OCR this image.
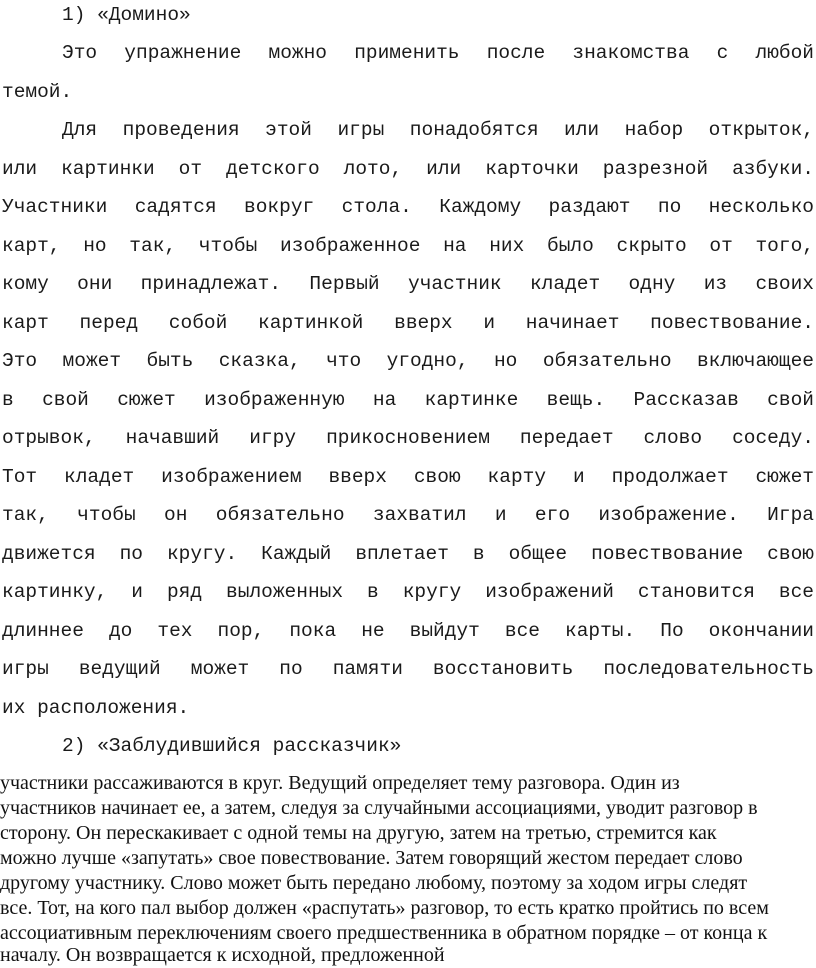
1) «Домино»
Это упражнение можно применить после знакомства с любой
темой.
Для проведения этой игры понадобятся или набор открыток,
или картинки от детского лото, или карточки разрезной азбуки.
Участники садятся вокруг стола. Каждому раздают по несколько
карт, но так, чтобы изображенное на них было скрыто от того,
кому они принадлежат. Первый участник кладет одну из своих
карт перед собой картинкой вверх и начинает повествование.
Это может быть сказка, что угодно, но обязательно включающее
в свой сюжет изображенную на картинке вещь. Рассказав свой
отрывок, начавший игру прикосновением передает слово соседу.
Тот кладет изображением вверх свою карту и продолжает сюжет
так, чтобы он обязательно захватил и его изображение. Игра
движется по кругу. Каждый вплетает в общее повествование свою
картинку, и ряд выложенных в кругу изображений становится все
длиннее до тех пор, пока не выйдут все карты. По окончании
игры ведущий может по памяти восстановить последовательность
их расположения.
2) «Заблудившийся рассказчик»
участники рассаживаются в круг. Ведущий определяет тему разговора. Один из
участников начинает ее, а затем, следуя за случайными ассоциациями, уводит разговор в
сторону. Он перескакивает с одной темы на другую, затем на третью, стремится как
можно лучше «запутать» свое повествование. Затем говорящий жестом передает слово
другому участнику. Слово может быть передано любому, поэтому за ходом игры следят
все. Тот, на кого пал выбор должен «распутать» разговор, то есть кратко пройтись по всем
ассоциативным переключениям своего предшественника в обратном порядке – от конца к
началу. Он возвращается к исходной, предложенной
